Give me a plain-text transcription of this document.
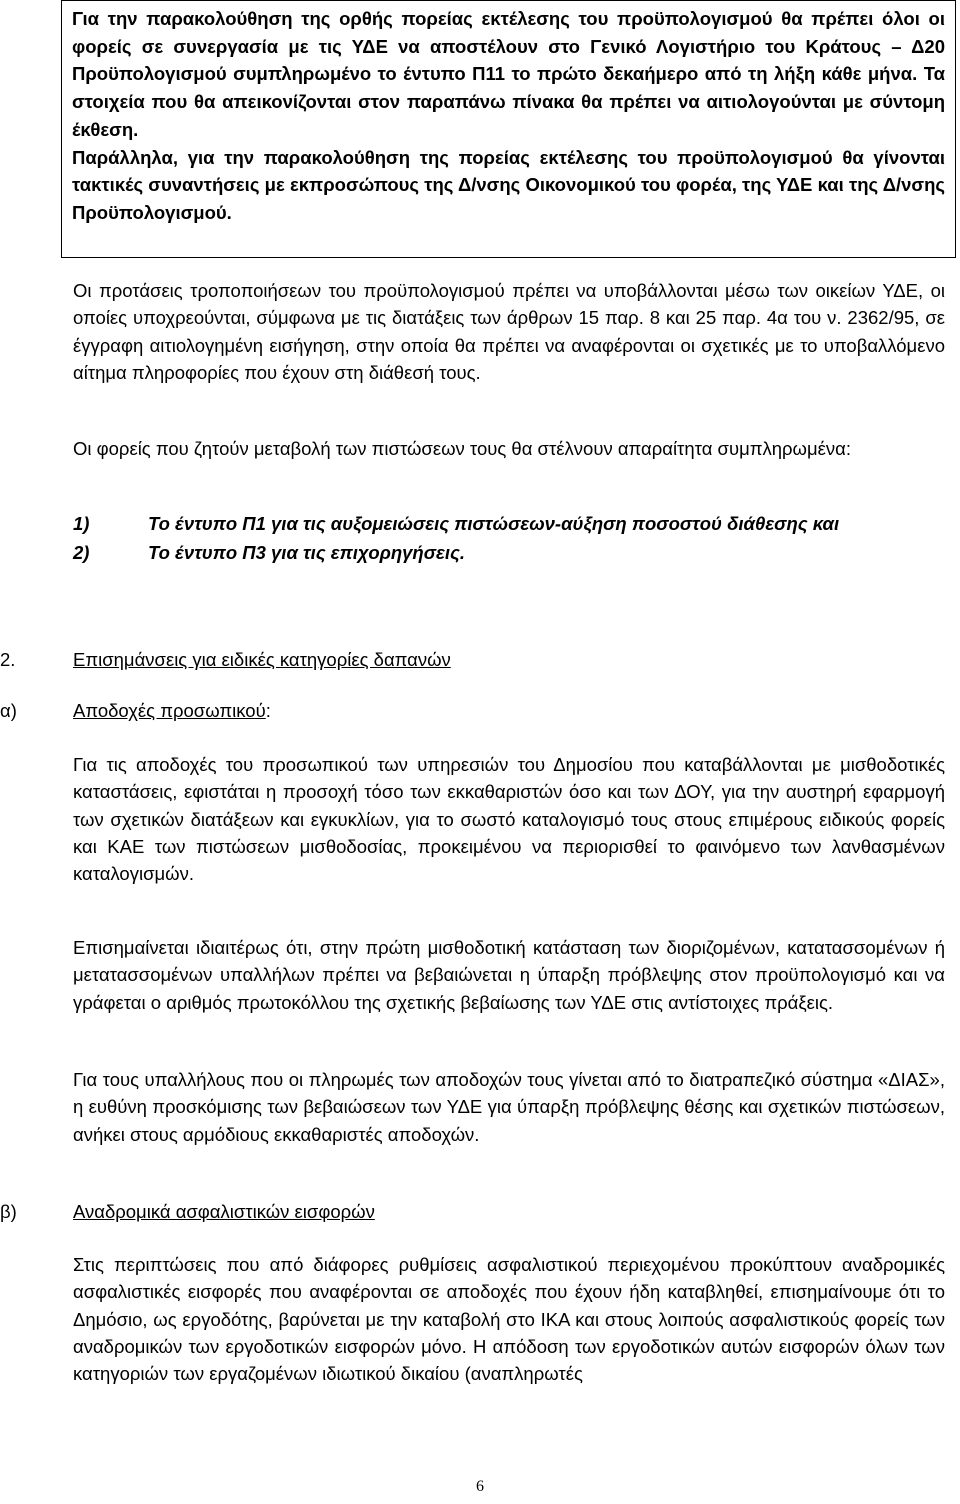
Για την παρακολούθηση της ορθής πορείας εκτέλεσης του προϋπολογισμού θα πρέπει όλοι οι φορείς σε συνεργασία με τις ΥΔΕ να αποστέλουν στο Γενικό Λογιστήριο του Κράτους – Δ20 Προϋπολογισμού συμπληρωμένο το έντυπο Π11 το πρώτο δεκαήμερο από τη λήξη κάθε μήνα. Τα στοιχεία που θα απεικονίζονται στον παραπάνω πίνακα θα πρέπει να αιτιολογούνται με σύντομη έκθεση.

Παράλληλα, για την παρακολούθηση της πορείας εκτέλεσης του προϋπολογισμού θα γίνονται τακτικές συναντήσεις με εκπροσώπους της Δ/νσης Οικονομικού του φορέα, της ΥΔΕ και της Δ/νσης Προϋπολογισμού.

Οι προτάσεις τροποποιήσεων του προϋπολογισμού πρέπει να υποβάλλονται μέσω των οικείων ΥΔΕ, οι οποίες υποχρεούνται, σύμφωνα με τις διατάξεις των άρθρων 15 παρ. 8 και 25 παρ. 4α του ν. 2362/95, σε έγγραφη αιτιολογημένη εισήγηση, στην οποία θα πρέπει να αναφέρονται οι σχετικές με το υποβαλλόμενο αίτημα πληροφορίες που έχουν στη διάθεσή τους.

Οι φορείς που ζητούν μεταβολή των πιστώσεων τους θα στέλνουν απαραίτητα συμπληρωμένα:

1)	Το έντυπο Π1 για τις αυξομειώσεις πιστώσεων-αύξηση ποσοστού διάθεσης και
2)	Το έντυπο Π3 για τις επιχορηγήσεις.
2.	Επισημάνσεις για ειδικές κατηγορίες δαπανών
α)	Αποδοχές προσωπικού:

Για τις αποδοχές του προσωπικού των υπηρεσιών του Δημοσίου που καταβάλλονται με μισθοδοτικές καταστάσεις, εφιστάται η προσοχή τόσο των εκκαθαριστών όσο και των ΔΟΥ, για την αυστηρή εφαρμογή των σχετικών διατάξεων και εγκυκλίων, για το σωστό καταλογισμό τους στους επιμέρους ειδικούς φορείς και ΚΑΕ των πιστώσεων μισθοδοσίας, προκειμένου να περιορισθεί το φαινόμενο των λανθασμένων καταλογισμών.

Επισημαίνεται ιδιαιτέρως ότι, στην πρώτη μισθοδοτική κατάσταση των διοριζομένων, κατατασσομένων ή μετατασσομένων υπαλλήλων πρέπει να βεβαιώνεται η ύπαρξη πρόβλεψης στον προϋπολογισμό και να γράφεται ο αριθμός πρωτοκόλλου της σχετικής βεβαίωσης των ΥΔΕ στις αντίστοιχες πράξεις.

Για τους υπαλλήλους που οι πληρωμές των αποδοχών τους γίνεται από το διατραπεζικό σύστημα «ΔΙΑΣ», η ευθύνη προσκόμισης των βεβαιώσεων των ΥΔΕ για ύπαρξη πρόβλεψης θέσης και σχετικών πιστώσεων, ανήκει στους αρμόδιους εκκαθαριστές αποδοχών.

β)	Αναδρομικά ασφαλιστικών εισφορών

Στις περιπτώσεις που από διάφορες ρυθμίσεις ασφαλιστικού περιεχομένου προκύπτουν αναδρομικές ασφαλιστικές εισφορές που αναφέρονται σε αποδοχές που έχουν ήδη καταβληθεί, επισημαίνουμε ότι το Δημόσιο, ως εργοδότης, βαρύνεται με την καταβολή στο ΙΚΑ και στους λοιπούς ασφαλιστικούς φορείς των αναδρομικών των εργοδοτικών εισφορών μόνο. Η απόδοση των εργοδοτικών αυτών εισφορών όλων των κατηγοριών των εργαζομένων ιδιωτικού δικαίου (αναπληρωτές

6
